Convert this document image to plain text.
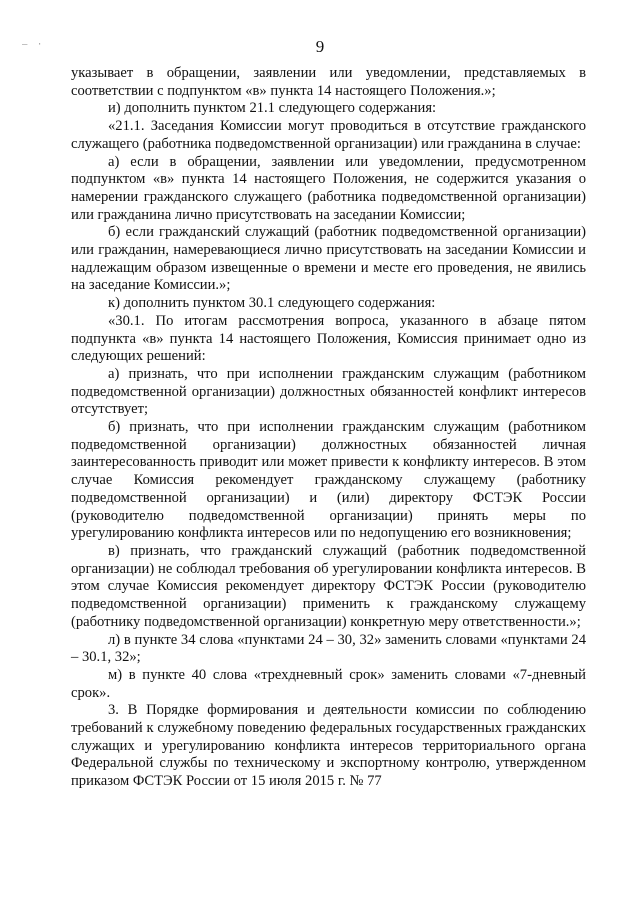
– ·	9

указывает в обращении, заявлении или уведомлении, представляемых в соответствии с подпунктом «в» пункта 14 настоящего Положения.»;

и) дополнить пунктом 21.1 следующего содержания:

«21.1. Заседания Комиссии могут проводиться в отсутствие гражданского служащего (работника подведомственной организации) или гражданина в случае:

а) если в обращении, заявлении или уведомлении, предусмотренном подпунктом «в» пункта 14 настоящего Положения, не содержится указания о намерении гражданского служащего (работника подведомственной организации) или гражданина лично присутствовать на заседании Комиссии;

б) если гражданский служащий (работник подведомственной организации) или гражданин, намеревающиеся лично присутствовать на заседании Комиссии и надлежащим образом извещенные о времени и месте его проведения, не явились на заседание Комиссии.»;

к) дополнить пунктом 30.1 следующего содержания:

«30.1. По итогам рассмотрения вопроса, указанного в абзаце пятом подпункта «в» пункта 14 настоящего Положения, Комиссия принимает одно из следующих решений:

а) признать, что при исполнении гражданским служащим (работником подведомственной организации) должностных обязанностей конфликт интересов отсутствует;

б) признать, что при исполнении гражданским служащим (работником подведомственной организации) должностных обязанностей личная заинтересованность приводит или может привести к конфликту интересов. В этом случае Комиссия рекомендует гражданскому служащему (работнику подведомственной организации) и (или) директору ФСТЭК России (руководителю подведомственной организации) принять меры по урегулированию конфликта интересов или по недопущению его возникновения;

в) признать, что гражданский служащий (работник подведомственной организации) не соблюдал требования об урегулировании конфликта интересов. В этом случае Комиссия рекомендует директору ФСТЭК России (руководителю подведомственной организации) применить к гражданскому служащему (работнику подведомственной организации) конкретную меру ответственности.»;

л) в пункте 34 слова «пунктами 24 – 30, 32» заменить словами «пунктами 24 – 30.1, 32»;

м) в пункте 40 слова «трехдневный срок» заменить словами «7-дневный срок».

3. В Порядке формирования и деятельности комиссии по соблюдению требований к служебному поведению федеральных государственных гражданских служащих и урегулированию конфликта интересов территориального органа Федеральной службы по техническому и экспортному контролю, утвержденном приказом ФСТЭК России от 15 июля 2015 г. № 77
